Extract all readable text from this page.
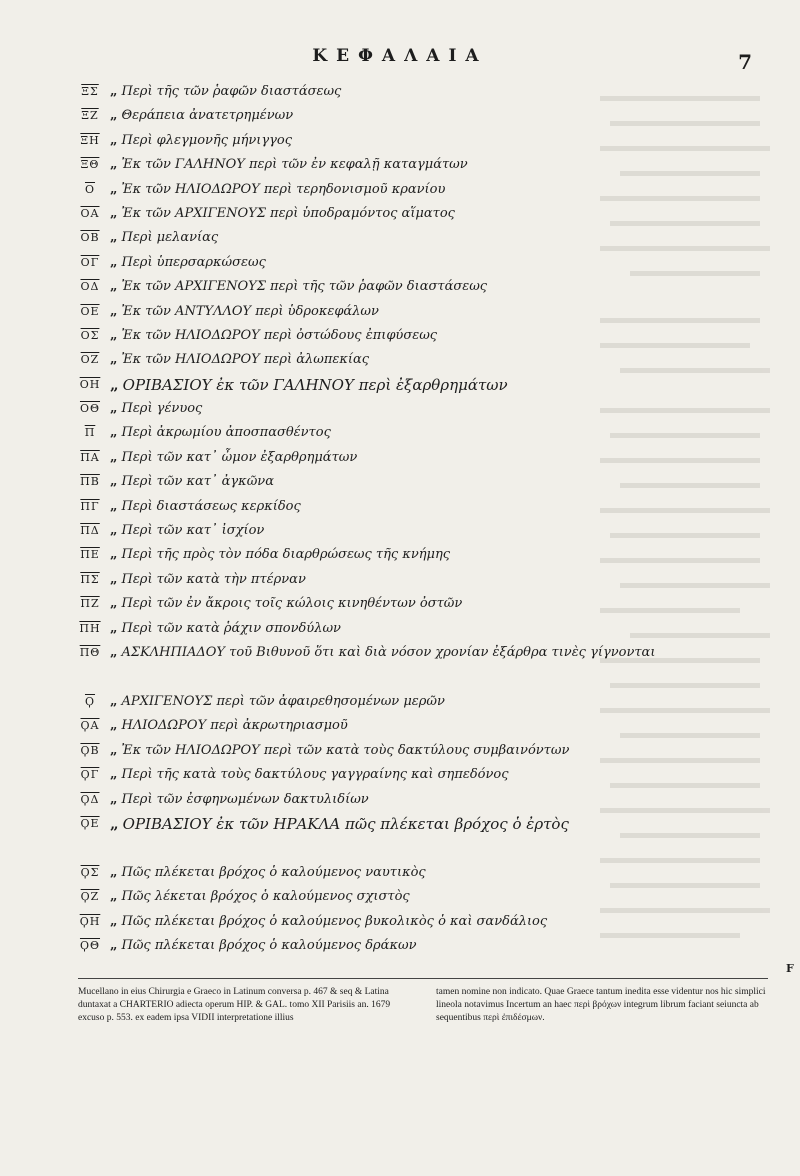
ΚΕΦΑΛΑΙΑ	7
$\overline{\Xi\Sigma}$ „ Περὶ τῆς τῶν ῥαφῶν διαστάσεως
$\overline{\Xi Z}$ „ Θεράπεια ἀνατετρημένων
$\overline{\Xi H}$ „ Περὶ φλεγμονῆς μήνιγγος
$\overline{\Xi\Theta}$ „ Ἐκ τῶν ΓΑΛΗΝΟΥ περὶ τῶν ἐν κεφαλῇ καταγμάτων
$\overline{O}$	„ Ἐκ τῶν ΗΛΙΟΔΩΡΟΥ περὶ τερηδονισμοῦ κρανίου
$\overline{OA}$ „ Ἐκ τῶν ΑΡΧΙΓΕΝΟΥΣ περὶ ὑποδραμόντος αἵματος
$\overline{OB}$ „ Περὶ μελανίας
$\overline{O\Gamma}$ „ Περὶ ὑπερσαρκώσεως
$\overline{O\Delta}$ „ Ἐκ τῶν ΑΡΧΙΓΕΝΟΥΣ περὶ τῆς τῶν ῥαφῶν διαστάσεως
$\overline{OE}$ „ Ἐκ τῶν ΑΝΤΥΛΛΟΥ περὶ ὑδροκεφάλων
$\overline{O\Sigma}$ „ Ἐκ τῶν ΗΛΙΟΔΩΡΟΥ περὶ ὀστώδους ἐπιφύσεως
$\overline{OZ}$ „ Ἐκ τῶν ΗΛΙΟΔΩΡΟΥ περὶ ἀλωπεκίας
$\overline{OH}$ „ ΟΡΙΒΑΣΙΟΥ ἐκ τῶν ΓΑΛΗΝΟΥ περὶ ἐξαρθρημάτων
$\overline{O\Theta}$ „ Περὶ γένυος
$\overline{\Pi}$	„ Περὶ ἀκρωμίου ἀποσπασθέντος
$\overline{\Pi A}$ „ Περὶ τῶν κατ᾽ ὦμον ἐξαρθρημάτων
$\overline{\Pi B}$ „ Περὶ τῶν κατ᾽ ἀγκῶνα
$\overline{\Pi\Gamma}$ „ Περὶ διαστάσεως κερκίδος
$\overline{\Pi\Delta}$ „ Περὶ τῶν κατ᾽ ἰσχίον
$\overline{\Pi E}$ „ Περὶ τῆς πρὸς τὸν πόδα διαρθρώσεως τῆς κνήμης
$\overline{\Pi\Sigma}$ „ Περὶ τῶν κατὰ τὴν πτέρναν
$\overline{\Pi Z}$ „ Περὶ τῶν ἐν ἄκροις τοῖς κώλοις κινηθέντων ὀστῶν
$\overline{\Pi H}$ „ Περὶ τῶν κατὰ ῥάχιν σπονδύλων
$\overline{\Pi\Theta}$ „ ΑΣΚΛΗΠΙΑΔΟΥ τοῦ Βιθυνοῦ ὅτι καὶ διὰ νόσον χρονίαν ἐξάρθρα τινὲς γίγνονται
$\overline{Ϙ}$	„ ΑΡΧΙΓΕΝΟΥΣ περὶ τῶν ἀφαιρεθησομένων μερῶν
$\overline{ϘA}$ „ ΗΛΙΟΔΩΡΟΥ περὶ ἀκρωτηριασμοῦ
$\overline{ϘB}$ „ Ἐκ τῶν ΗΛΙΟΔΩΡΟΥ περὶ τῶν κατὰ τοὺς δακτύλους συμβαινόντων
$\overline{Ϙ\Gamma}$ „ Περὶ τῆς κατὰ τοὺς δακτύλους γαγγραίνης καὶ σηπεδόνος
$\overline{Ϙ\Delta}$ „ Περὶ τῶν ἐσφηνωμένων δακτυλιδίων
$\overline{ϘE}$ „ ΟΡΙΒΑΣΙΟΥ ἐκ τῶν ΗΡΑΚΛΑ πῶς πλέκεται βρόχος ὁ ἐρτὸς
$\overline{Ϙ\Sigma}$ „ Πῶς πλέκεται βρόχος ὁ καλούμενος ναυτικὸς
$\overline{ϘZ}$ „ Πῶς λέκεται βρόχος ὁ καλούμενος σχιστὸς
$\overline{ϘH}$ „ Πῶς πλέκεται βρόχος ὁ καλούμενος βυκολικὸς ὁ καὶ σανδάλιος
$\overline{Ϙ\Theta}$ „ Πῶς πλέκεται βρόχος ὁ καλούμενος δράκων
F
Mucellano in eius Chirurgia e Graeco in Latinum conversa p. 467 & seq & Latina duntaxat a CHARTERIO adiecta operum HIP. & GAL. tomo XII Parisiis an. 1679 excuso p. 553. ex eadem ipsa VIDII interpretatione illius
tamen nomine non indicato. Quae Graece tantum inedita esse videntur nos hic simplici lineola notavimus Incertum an haec περὶ βρόχων integrum librum faciant seiuncta ab sequentibus περὶ ἐπιδέσμων.
